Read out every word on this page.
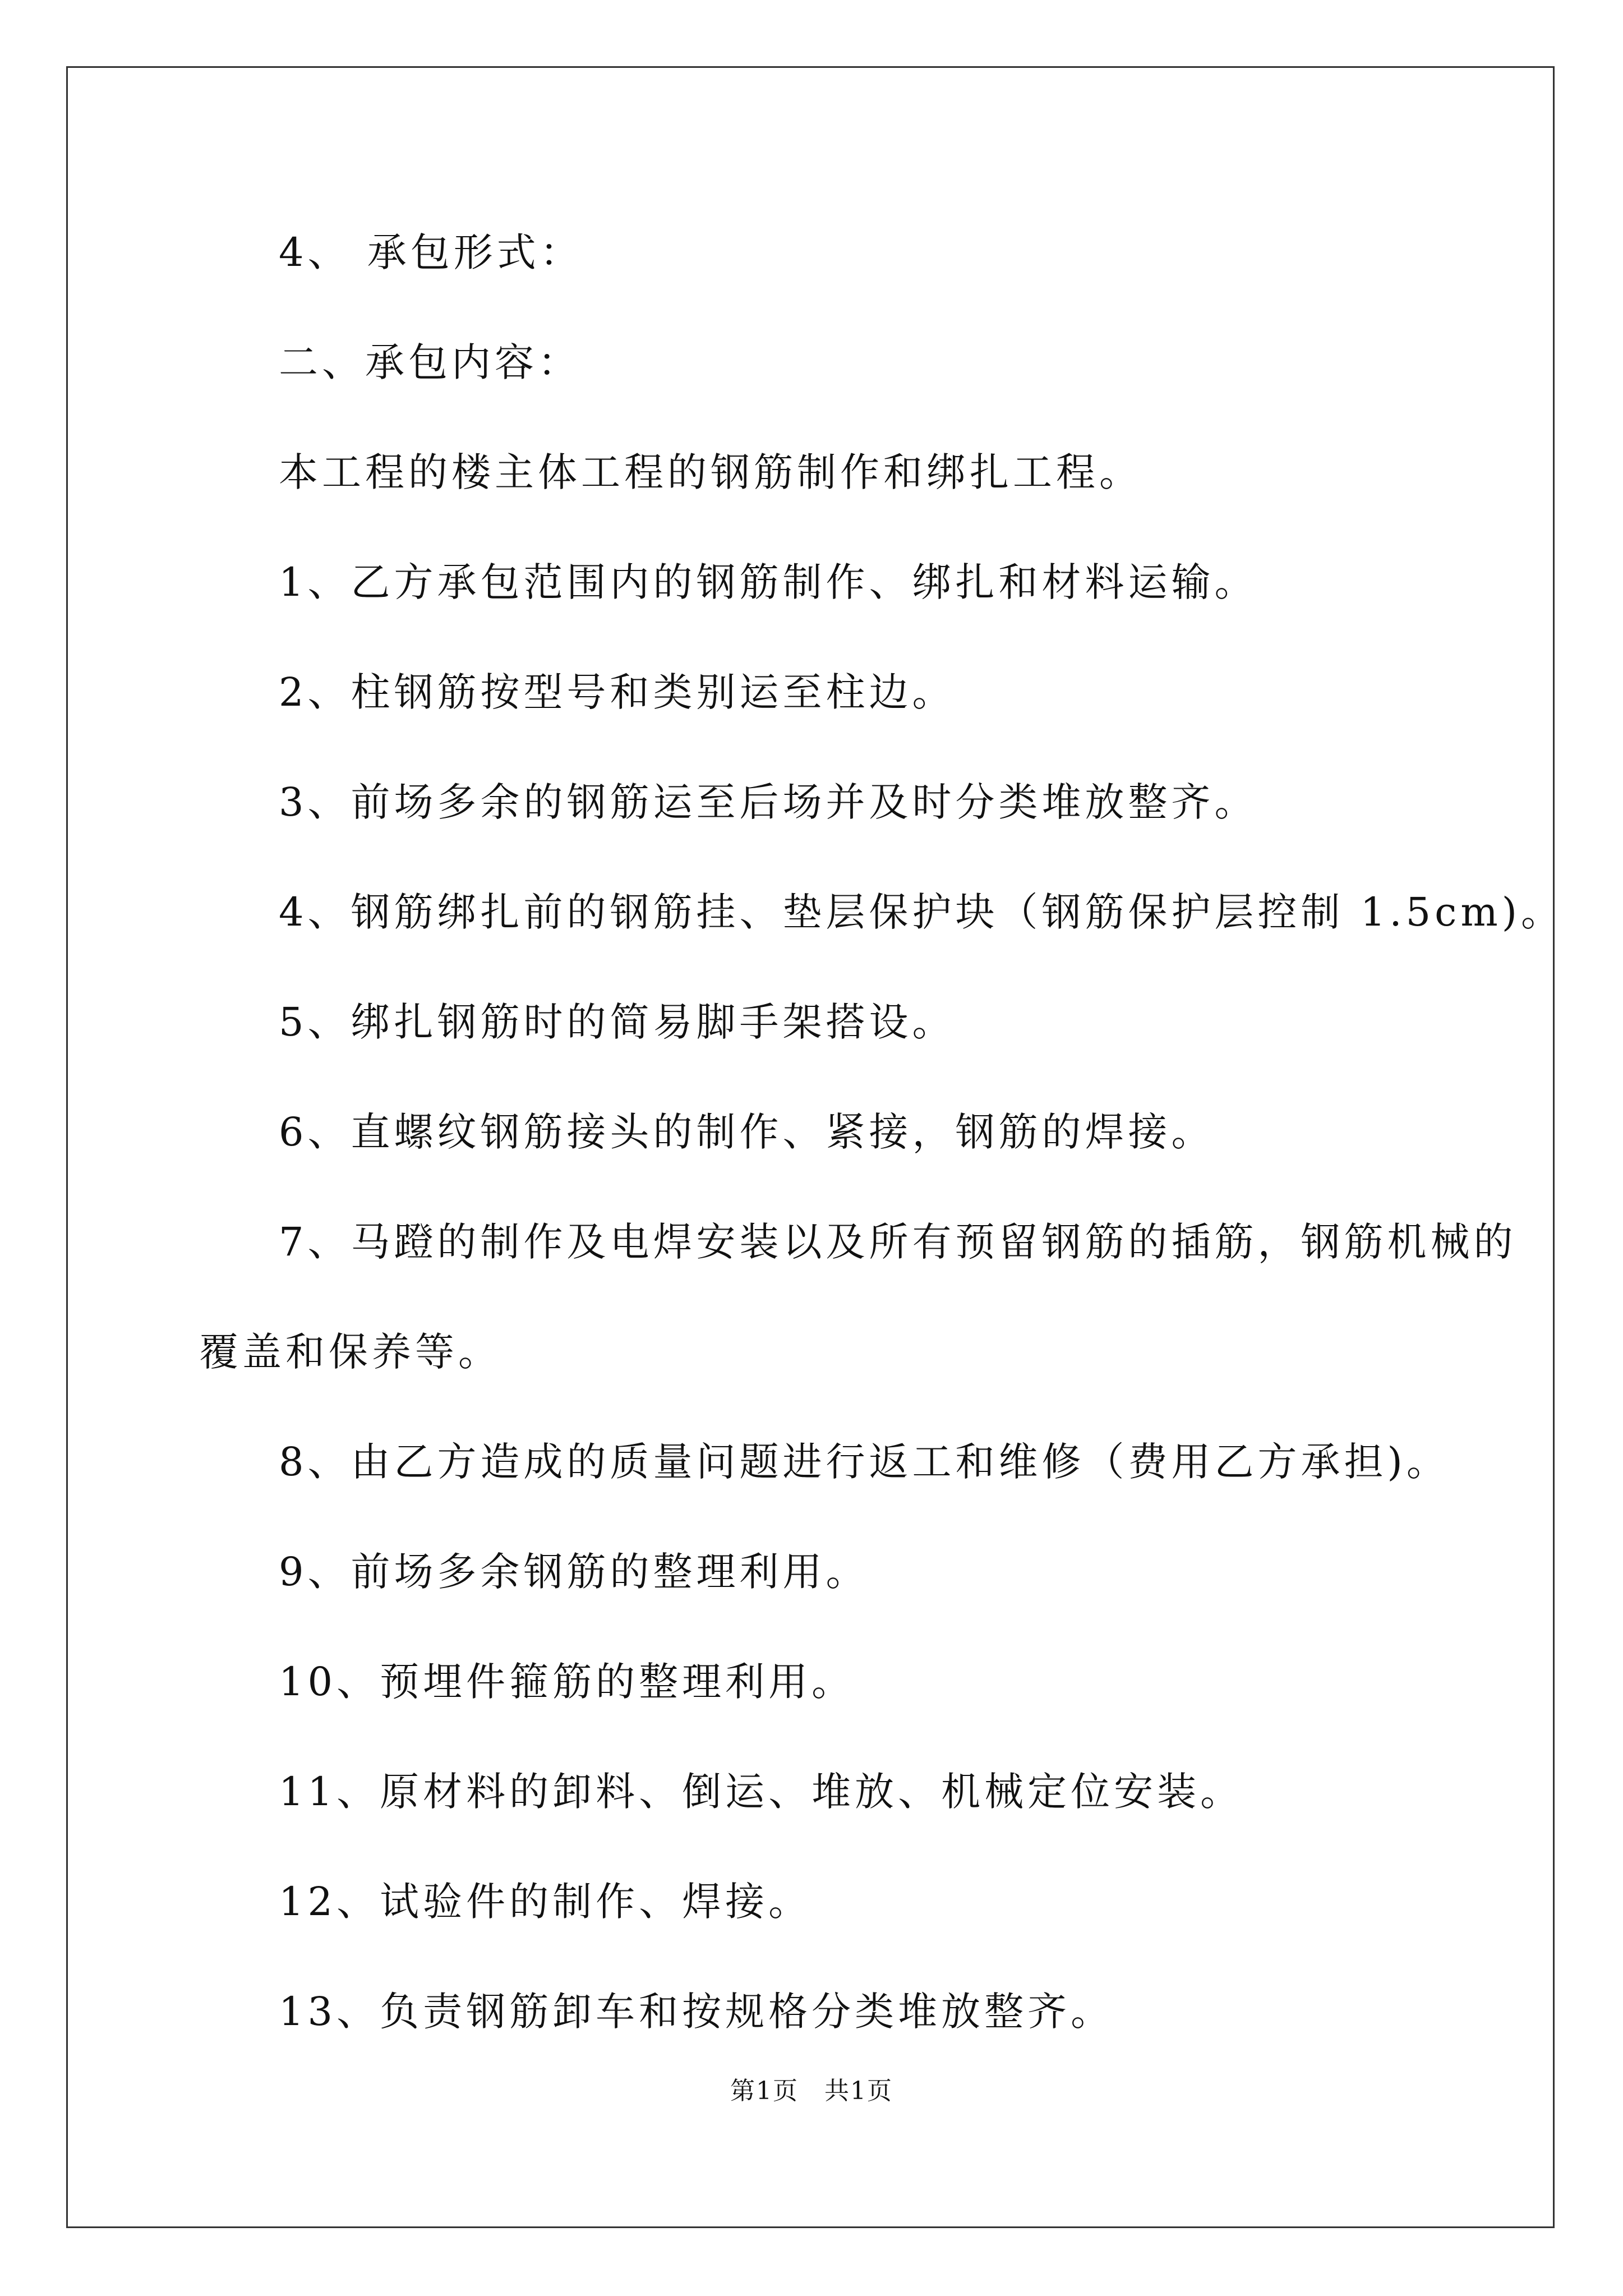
4、 承包形式：
二、承包内容：
本工程的楼主体工程的钢筋制作和绑扎工程。
1、乙方承包范围内的钢筋制作、绑扎和材料运输。
2、柱钢筋按型号和类别运至柱边。
3、前场多余的钢筋运至后场并及时分类堆放整齐。
4、钢筋绑扎前的钢筋挂、垫层保护块（钢筋保护层控制 1.5cm)。
5、绑扎钢筋时的简易脚手架搭设。
6、直螺纹钢筋接头的制作、紧接，钢筋的焊接。
7、马蹬的制作及电焊安装以及所有预留钢筋的插筋，钢筋机械的
覆盖和保养等。
8、由乙方造成的质量问题进行返工和维修（费用乙方承担)。
9、前场多余钢筋的整理利用。
10、预埋件箍筋的整理利用。
11、原材料的卸料、倒运、堆放、机械定位安装。
12、试验件的制作、焊接。
13、负责钢筋卸车和按规格分类堆放整齐。
第1页　共1页
